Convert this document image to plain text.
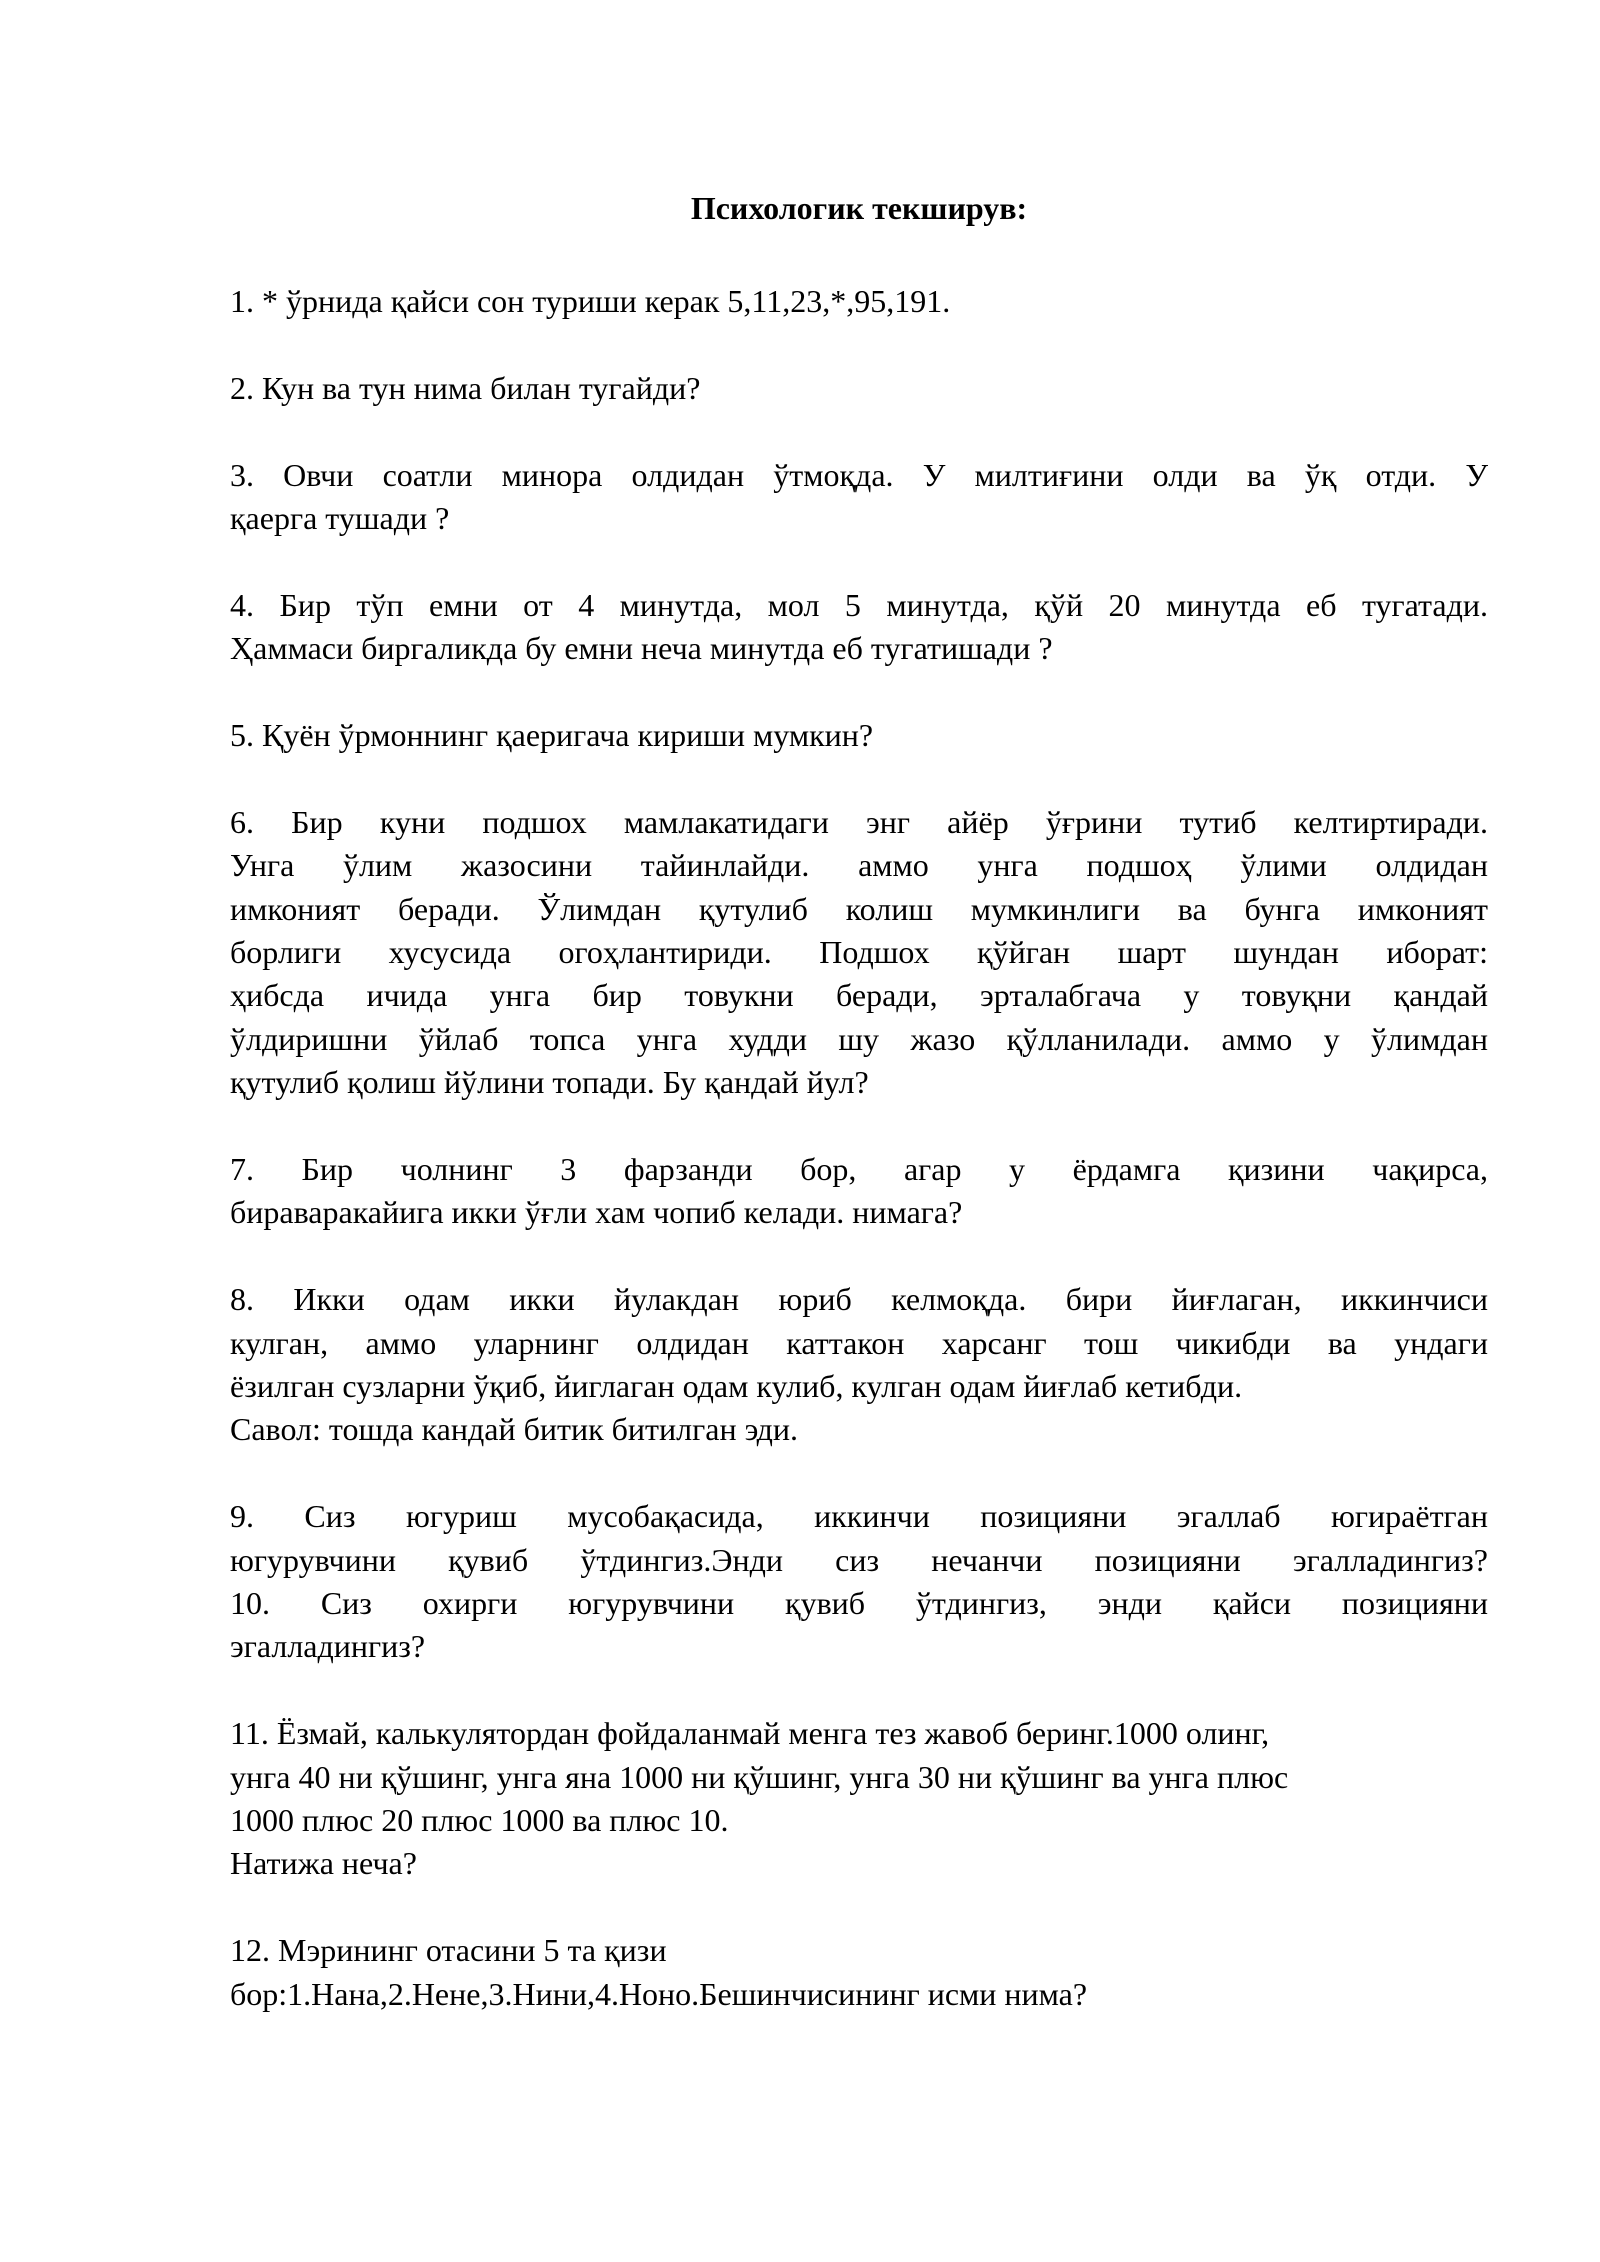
Психологик текширув:
1. * ўрнида қайси сон туриши керак 5,11,23,*,95,191.
2. Кун ва тун нима билан тугайди?
3. Овчи соатли минора олдидан ўтмоқда. У милтиғини олди ва ўқ отди. У
қаерга тушади ?
4. Бир тўп емни от 4 минутда, мол 5 минутда, қўй 20 минутда еб тугатади.
Ҳаммаси биргаликда бу емни неча минутда еб тугатишади ?
5. Қуён ўрмоннинг қаеригача кириши мумкин?
6. Бир куни подшох мамлакатидаги энг айёр ўғрини тутиб келтиртиради.
Унга ўлим жазосини тайинлайди. аммо унга подшоҳ ўлими олдидан
имконият беради. Ўлимдан қутулиб колиш мумкинлиги ва бунга имконият
борлиги хусусида огоҳлантириди. Подшох қўйган шарт шундан иборат:
ҳибсда ичида унга бир товукни беради, эрталабгача у товуқни қандай
ўлдиришни ўйлаб топса унга худди шу жазо қўлланилади. аммо у ўлимдан
қутулиб қолиш йўлини топади. Бу қандай йул?
7. Бир чолнинг 3 фарзанди бор, агар у ёрдамга қизини чақирса,
бираваракайига икки ўғли хам чопиб келади. нимага?
8. Икки одам икки йулакдан юриб келмоқда. бири йиғлаган, иккинчиси
кулган, аммо уларнинг олдидан каттакон харсанг тош чикибди ва ундаги
ёзилган сузларни ўқиб, йиглаган одам кулиб, кулган одам йиғлаб кетибди.
Савол: тошда кандай битик битилган эди.
9. Сиз югуриш мусобақасида, иккинчи позицияни эгаллаб югираётган
югурувчини қувиб ўтдингиз.Энди сиз нечанчи позицияни эгалладингиз?
10. Сиз охирги югурувчини қувиб ўтдингиз, энди қайси позицияни
эгалладингиз?
11. Ёзмай, калькулятордан фойдаланмай менга тез жавоб беринг.1000 олинг,
унга 40 ни қўшинг, унга яна 1000 ни қўшинг, унга 30 ни қўшинг ва унга плюс
1000 плюс 20 плюс 1000 ва плюс 10.
Натижа неча?
12. Мэрининг отасини 5 та қизи
бор:1.Нана,2.Нене,3.Нини,4.Ноно.Бешинчисининг исми нима?
